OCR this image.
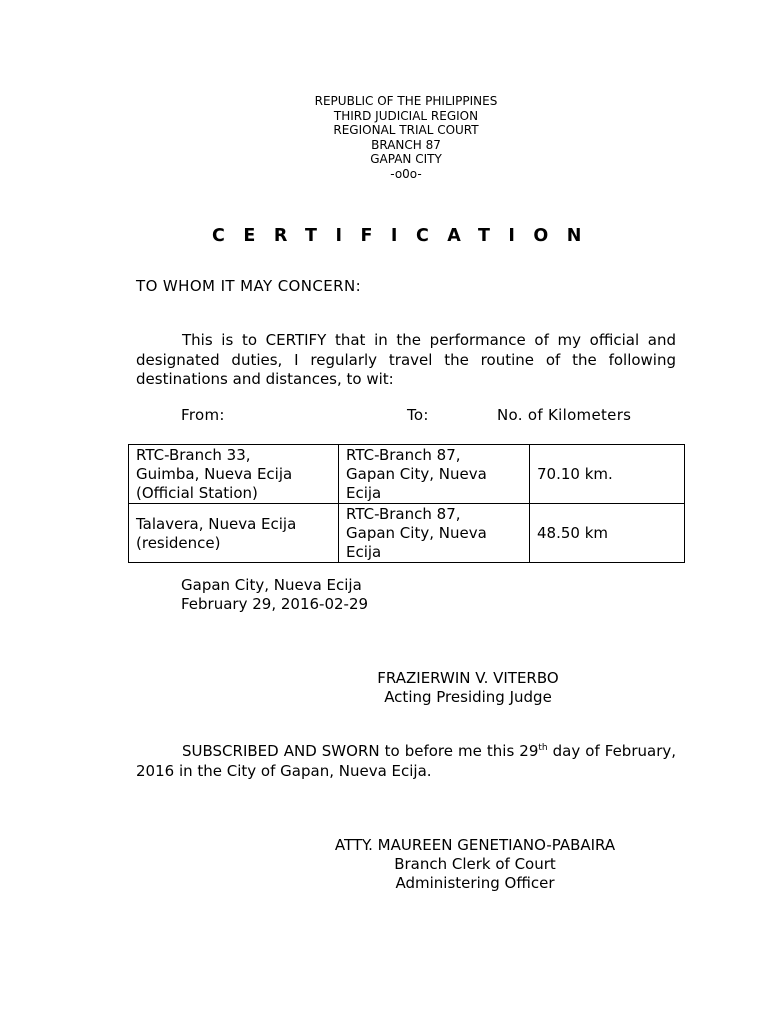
REPUBLIC OF THE PHILIPPINES
THIRD JUDICIAL REGION
REGIONAL TRIAL COURT
BRANCH 87
GAPAN CITY
-o0o-
CERTIFICATION
TO WHOM IT MAY CONCERN:
This is to CERTIFY that in the performance of my official and designated duties, I regularly travel the routine of the following destinations and distances, to wit:
From:	To:	No. of Kilometers
RTC-Branch 33,
Guimba, Nueva Ecija
(Official Station)	RTC-Branch 87,
Gapan City, Nueva
Ecija	70.10 km.

Talavera, Nueva Ecija
(residence)	RTC-Branch 87,
Gapan City, Nueva
Ecija	48.50 km
Gapan City, Nueva Ecija
February 29, 2016-02-29
FRAZIERWIN V. VITERBO
Acting Presiding Judge
SUBSCRIBED AND SWORN to before me this 29th day of February, 2016 in the City of Gapan, Nueva Ecija.
ATTY. MAUREEN GENETIANO-PABAIRA
Branch Clerk of Court
Administering Officer
